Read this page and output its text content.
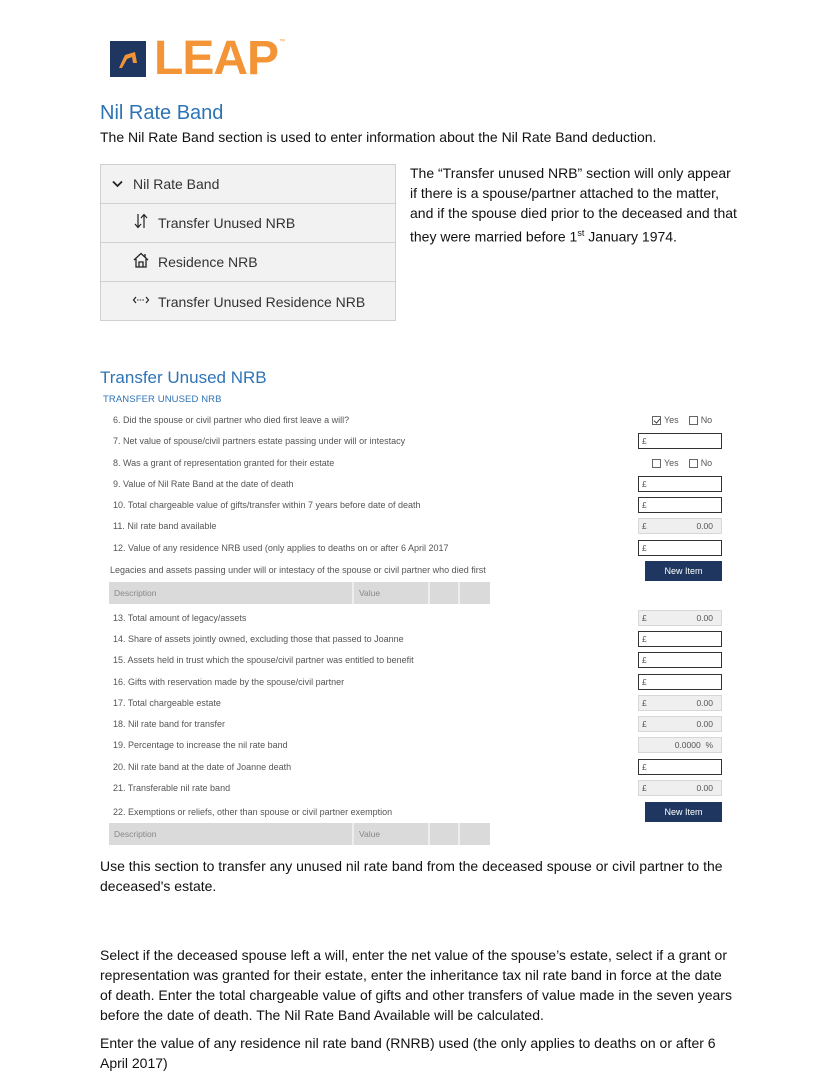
LEAP ™
Nil Rate Band
The Nil Rate Band section is used to enter information about the Nil Rate Band deduction.
Nil Rate Band
Transfer Unused NRB
Residence NRB
Transfer Unused Residence NRB
The “Transfer unused NRB” section will only appear if there is a spouse/partner attached to the matter, and if the spouse died prior to the deceased and that they were married before 1st January 1974.
Transfer Unused NRB
TRANSFER UNUSED NRB
6. Did the spouse or civil partner who died first leave a will?	Yes No
7. Net value of spouse/civil partners estate passing under will or intestacy	£
8. Was a grant of representation granted for their estate	Yes No
9. Value of Nil Rate Band at the date of death	£
10. Total chargeable value of gifts/transfer within 7 years before date of death	£
11. Nil rate band available	£	0.00
12. Value of any residence NRB used (only applies to deaths on or after 6 April 2017	£
Legacies and assets passing under will or intestacy of the spouse or civil partner who died first	New Item
Description	Value
13. Total amount of legacy/assets	£	0.00
14. Share of assets jointly owned, excluding those that passed to Joanne	£
15. Assets held in trust which the spouse/civil partner was entitled to benefit	£
16. Gifts with reservation made by the spouse/civil partner	£
17. Total chargeable estate	£	0.00
18. Nil rate band for transfer	£	0.00
19. Percentage to increase the nil rate band	0.0000 %
20. Nil rate band at the date of Joanne death	£
21. Transferable nil rate band	£	0.00
22. Exemptions or reliefs, other than spouse or civil partner exemption	New Item
Description	Value
Use this section to transfer any unused nil rate band from the deceased spouse or civil partner to the deceased's estate.
Select if the deceased spouse left a will, enter the net value of the spouse’s estate, select if a grant or representation was granted for their estate, enter the inheritance tax nil rate band in force at the date of death. Enter the total chargeable value of gifts and other transfers of value made in the seven years before the date of death. The Nil Rate Band Available will be calculated.
Enter the value of any residence nil rate band (RNRB) used (the only applies to deaths on or after 6 April 2017)
